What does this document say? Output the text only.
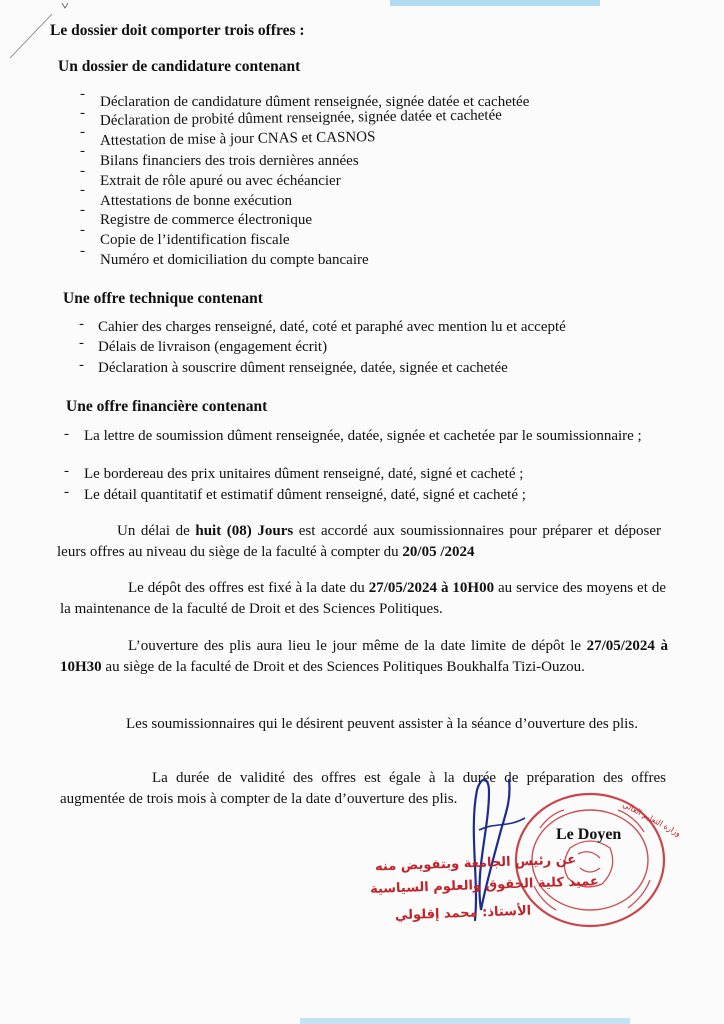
Le dossier doit comporter trois offres :
Un dossier de candidature contenant
- Déclaration de candidature dûment renseignée, signée datée et cachetée
- Déclaration de probité dûment renseignée, signée datée et cachetée
- Attestation de mise à jour CNAS et CASNOS
-
Bilans financiers des trois dernières années
-
Extrait de rôle apuré ou avec échéancier
-
Attestations de bonne exécution
-
Registre de commerce électronique
-
Copie de l’identification fiscale
-
Numéro et domiciliation du compte bancaire
Une offre technique contenant
- Cahier des charges renseigné, daté, coté et paraphé avec mention lu et accepté
- Délais de livraison (engagement écrit)
- Déclaration à souscrire dûment renseignée, datée, signée et cachetée
Une offre financière contenant
- La lettre de soumission dûment renseignée, datée, signée et cachetée par le soumissionnaire ;
- Le bordereau des prix unitaires dûment renseigné, daté, signé et cacheté ;
- Le détail quantitatif et estimatif dûment renseigné, daté, signé et cacheté ;
Un délai de huit (08) Jours est accordé aux soumissionnaires pour préparer et déposer leurs offres au niveau du siège de la faculté à compter du 20/05 /2024
Le dépôt des offres est fixé à la date du 27/05/2024 à 10H00 au service des moyens et de la maintenance de la faculté de Droit et des Sciences Politiques.
L’ouverture des plis aura lieu le jour même de la date limite de dépôt le 27/05/2024 à 10H30 au siège de la faculté de Droit et des Sciences Politiques Boukhalfa Tizi-Ouzou.
Les soumissionnaires qui le désirent peuvent assister à la séance d’ouverture des plis.
La durée de validité des offres est égale à la durée de préparation des offres augmentée de trois mois à compter de la date d’ouverture des plis.
وزارة التعليم العالي
Le Doyen
عن رئيس الجامعة وبتفويض منه
عميد كلية الحقوق والعلوم السياسية
الأستاذ: محمد إقلولي
